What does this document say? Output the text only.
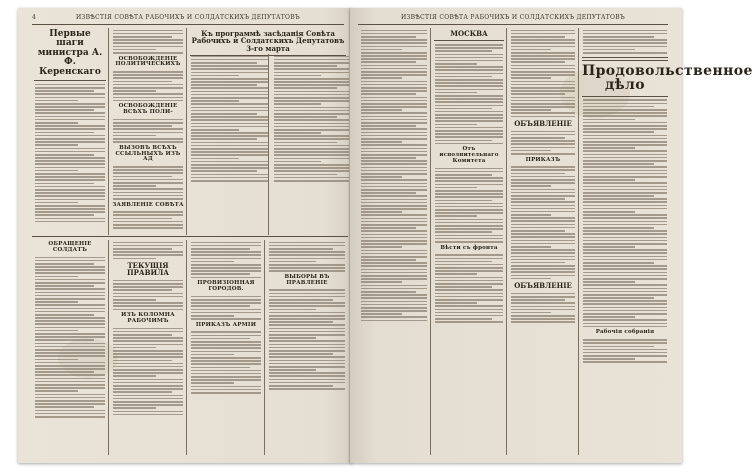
4	ИЗВѢСТІЯ СОВѢТА РАБОЧИХЪ И СОЛДАТСКИХЪ ДЕПУТАТОВЪ
Первые шаги министра А. Ф. Керенскаго
ОСВОБОЖДЕНІЕ ПОЛИТИЧЕСКИХЪ
ОСВОБОЖДЕНІЕ ВСѢХЪ ПОЛИ-
ВЫЗОВЪ ВСѢХЪ ССЫЛЬНЫХЪ ИЗЪ АД
ЗАЯВЛЕНІЕ СОВѢТА
Къ программѣ засѣданія Совѣта Рабочихъ и Солдатскихъ Депутатовъ 3-го марта
ОБРАЩЕНІЕ СОЛДАТЪ
ТЕКУЩІЯ ПРАВИЛА
ИЗЪ КОЛОМНА РАБОЧИМЪ
ПРОВИЗІОННАЯ ГОРОДОВ.
ПРИКАЗЪ АРМІИ
ВЫБОРЫ ВЪ ПРАВЛЕНІЕ
ИЗВѢСТІЯ СОВѢТА РАБОЧИХЪ И СОЛДАТСКИХЪ ДЕПУТАТОВЪ
МОСКВА
Отъ исполнительнаго Комитета
Вѣсти съ фронта
ОБЪЯВЛЕНІЕ
ПРИКАЗЪ
ОБЪЯВЛЕНІЕ
Продовольственное дѣло
Рабочія собранія
